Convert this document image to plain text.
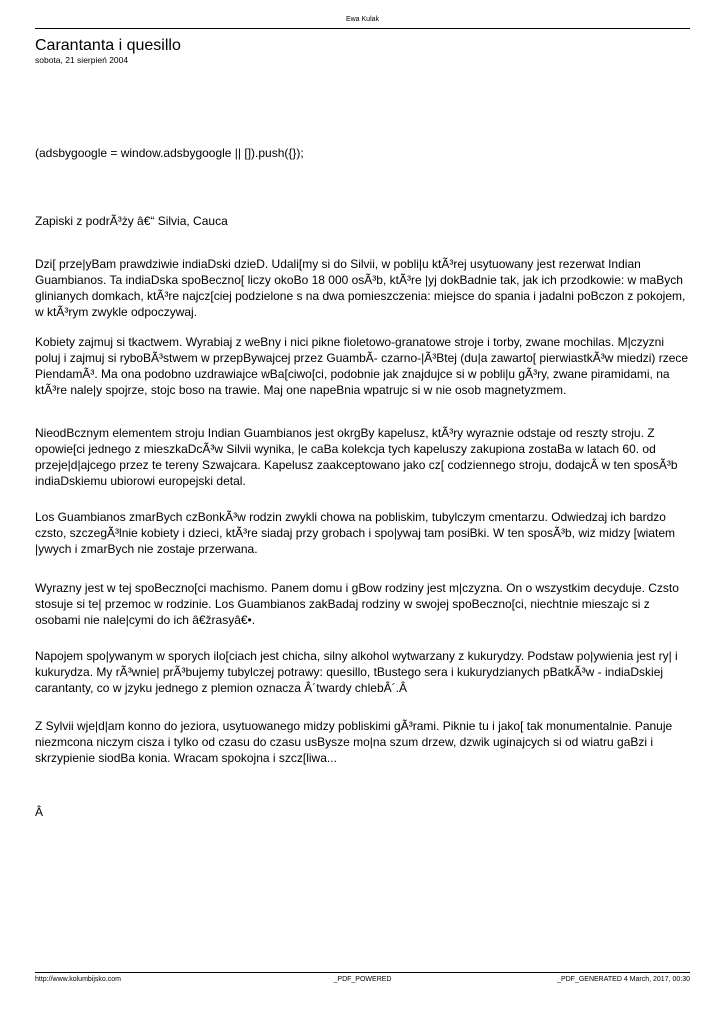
Ewa Kulak
Carantanta i quesillo
sobota, 21 sierpień 2004

(adsbygoogle = window.adsbygoogle || []).push({});

Zapiski z podrÃ³ży â€“ Silvia, Cauca

Dzi[ prze|yBam prawdziwie indiaDski dzieD. Udali[my si do Silvii, w pobli|u ktÃ³rej usytuowany jest rezerwat Indian Guambianos. Ta indiaDska spoBeczno[ liczy okoBo 18 000 osÃ³b, ktÃ³re |yj dokBadnie tak, jak ich przodkowie: w maBych glinianych domkach, ktÃ³re najcz[ciej podzielone s na dwa pomieszczenia: miejsce do spania i jadalni poBczon z pokojem, w ktÃ³rym zwykle odpoczywaj.

Kobiety zajmuj si tkactwem. Wyrabiaj z weBny i nici pikne fioletowo-granatowe stroje i torby, zwane mochilas. M|czyzni poluj i zajmuj si ryboBÃ³stwem w przepBywajcej przez GuambÃ- czarno-|Ã³Btej (du|a zawarto[ pierwiastkÃ³w miedzi) rzece PiendamÃ³. Ma ona podobno uzdrawiajce wBa[ciwo[ci, podobnie jak znajdujce si w pobli|u gÃ³ry, zwane piramidami, na ktÃ³re nale|y spojrze, stojc boso na trawie. Maj one napeBnia wpatrujc si w nie osob magnetyzmem.

NieodBcznym elementem stroju Indian Guambianos jest okrgBy kapelusz, ktÃ³ry wyraznie odstaje od reszty stroju. Z opowie[ci jednego z mieszkaDcÃ³w Silvii wynika, |e caBa kolekcja tych kapeluszy zakupiona zostaBa w latach 60. od przeje|d|ajcego przez te tereny Szwajcara. Kapelusz zaakceptowano jako cz[ codziennego stroju, dodajcÂ w ten sposÃ³b indiaDskiemu ubiorowi europejski detal.

Los Guambianos zmarBych czBonkÃ³w rodzin zwykli chowa na pobliskim, tubylczym cmentarzu. Odwiedzaj ich bardzo czsto, szczegÃ³lnie kobiety i dzieci, ktÃ³re siadaj przy grobach i spo|ywaj tam posiBki. W ten sposÃ³b, wiz midzy [wiatem |ywych i zmarBych nie zostaje przerwana.

Wyrazny jest w tej spoBeczno[ci machismo. Panem domu i gBow rodziny jest m|czyzna. On o wszystkim decyduje. Czsto stosuje si te| przemoc w rodzinie. Los Guambianos zakBadaj rodziny w swojej spoBeczno[ci, niechtnie mieszajc si z osobami nie nale|cymi do ich â€žrasyâ€•.

Napojem spo|ywanym w sporych ilo[ciach jest chicha, silny alkohol wytwarzany z kukurydzy. Podstaw po|ywienia jest ry| i kukurydza. My rÃ³wnie| prÃ³bujemy tubylczej potrawy: quesillo, tBustego sera i kukurydzianych pBatkÃ³w - indiaDskiej carantanty, co w jzyku jednego z plemion oznacza Â´twardy chlebÂ´.Â

Z Sylvii wje|d|am konno do jeziora, usytuowanego midzy pobliskimi gÃ³rami. Piknie tu i jako[ tak monumentalnie. Panuje niezmcona niczym cisza i tylko od czasu do czasu usBysze mo|na szum drzew, dzwik uginajcych si od wiatru gaBzi i skrzypienie siodBa konia. Wracam spokojna i szcz[liwa...

Â

http://www.kolumbijsko.com	_PDF_POWERED	_PDF_GENERATED 4 March, 2017, 00:30
